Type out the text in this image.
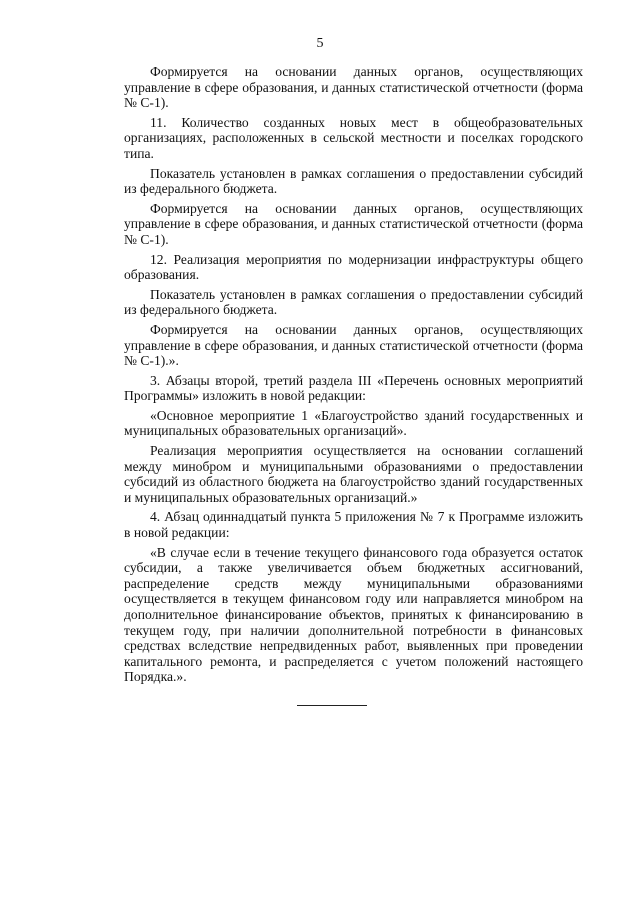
5

Формируется на основании данных органов, осуществляющих управление в сфере образования, и данных статистической отчетности (форма № С-1).

11. Количество созданных новых мест в общеобразовательных организациях, расположенных в сельской местности и поселках городского типа.

Показатель установлен в рамках соглашения о предоставлении субсидий из федерального бюджета.

Формируется на основании данных органов, осуществляющих управление в сфере образования, и данных статистической отчетности (форма № С-1).

12. Реализация мероприятия по модернизации инфраструктуры общего образования.

Показатель установлен в рамках соглашения о предоставлении субсидий из федерального бюджета.

Формируется на основании данных органов, осуществляющих управление в сфере образования, и данных статистической отчетности (форма № С-1).».

3. Абзацы второй, третий раздела III «Перечень основных мероприятий Программы» изложить в новой редакции:

«Основное мероприятие 1 «Благоустройство зданий государственных и муниципальных образовательных организаций».

Реализация мероприятия осуществляется на основании соглашений между минобром и муниципальными образованиями о предоставлении субсидий из областного бюджета на благоустройство зданий государственных и муниципальных образовательных организаций.»

4. Абзац одиннадцатый пункта 5 приложения № 7 к Программе изложить в новой редакции:

«В случае если в течение текущего финансового года образуется остаток субсидии, а также увеличивается объем бюджетных ассигнований, распределение средств между муниципальными образованиями осуществляется в текущем финансовом году или направляется минобром на дополнительное финансирование объектов, принятых к финансированию в текущем году, при наличии дополнительной потребности в финансовых средствах вследствие непредвиденных работ, выявленных при проведении капитального ремонта, и распределяется с учетом положений настоящего Порядка.».
